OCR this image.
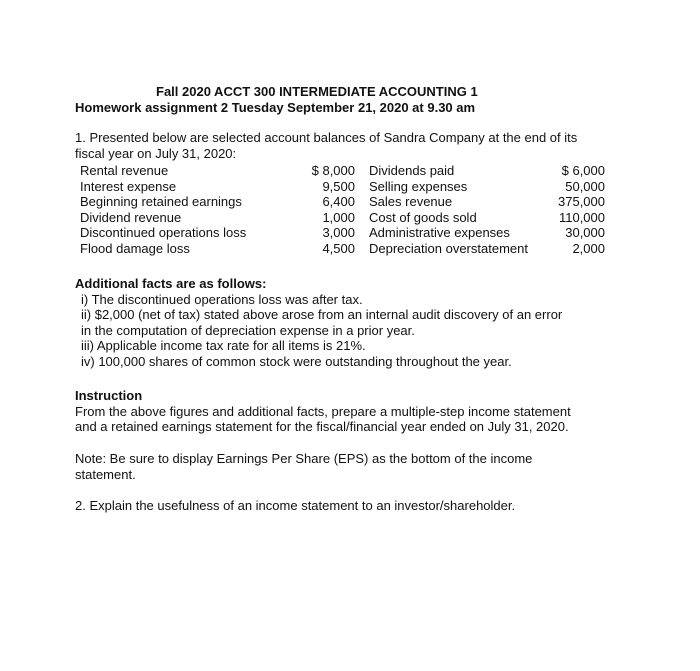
Fall 2020 ACCT 300 INTERMEDIATE ACCOUNTING 1
Homework assignment 2 Tuesday September 21, 2020 at 9.30 am
1. Presented below are selected account balances of Sandra Company at the end of its
fiscal year on July 31, 2020:
Rental revenue	$ 8,000 Dividends paid	$ 6,000
Interest expense	9,500 Selling expenses	50,000
Beginning retained earnings	6,400 Sales revenue	375,000
Dividend revenue	1,000 Cost of goods sold	110,000
Discontinued operations loss	3,000 Administrative expenses	30,000
Flood damage loss	4,500 Depreciation overstatement	2,000
Additional facts are as follows:
i) The discontinued operations loss was after tax.
ii) $2,000 (net of tax) stated above arose from an internal audit discovery of an error
in the computation of depreciation expense in a prior year.
iii) Applicable income tax rate for all items is 21%.
iv) 100,000 shares of common stock were outstanding throughout the year.
Instruction
From the above figures and additional facts, prepare a multiple-step income statement
and a retained earnings statement for the fiscal/financial year ended on July 31, 2020.
Note: Be sure to display Earnings Per Share (EPS) as the bottom of the income
statement.
2. Explain the usefulness of an income statement to an investor/shareholder.
